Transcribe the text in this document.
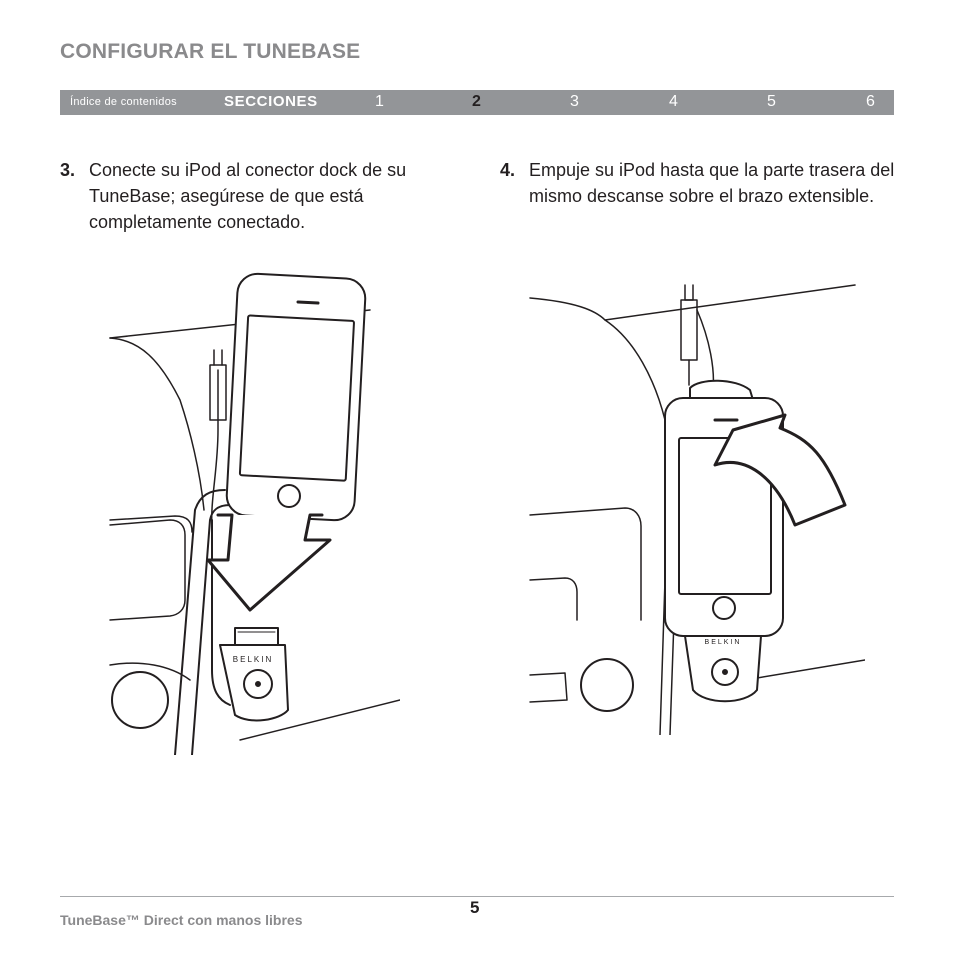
CONFIGURAR EL TUNEBASE
Índice de contenidos	SECCIONES	1	2	3	4	5	6
3. Conecte su iPod al conector dock de su TuneBase; asegúrese de que está completamente conectado.
4. Empuje su iPod hasta que la parte trasera del mismo descanse sobre el brazo extensible.
BELKIN
BELKIN
5
TuneBase™ Direct con manos libres
